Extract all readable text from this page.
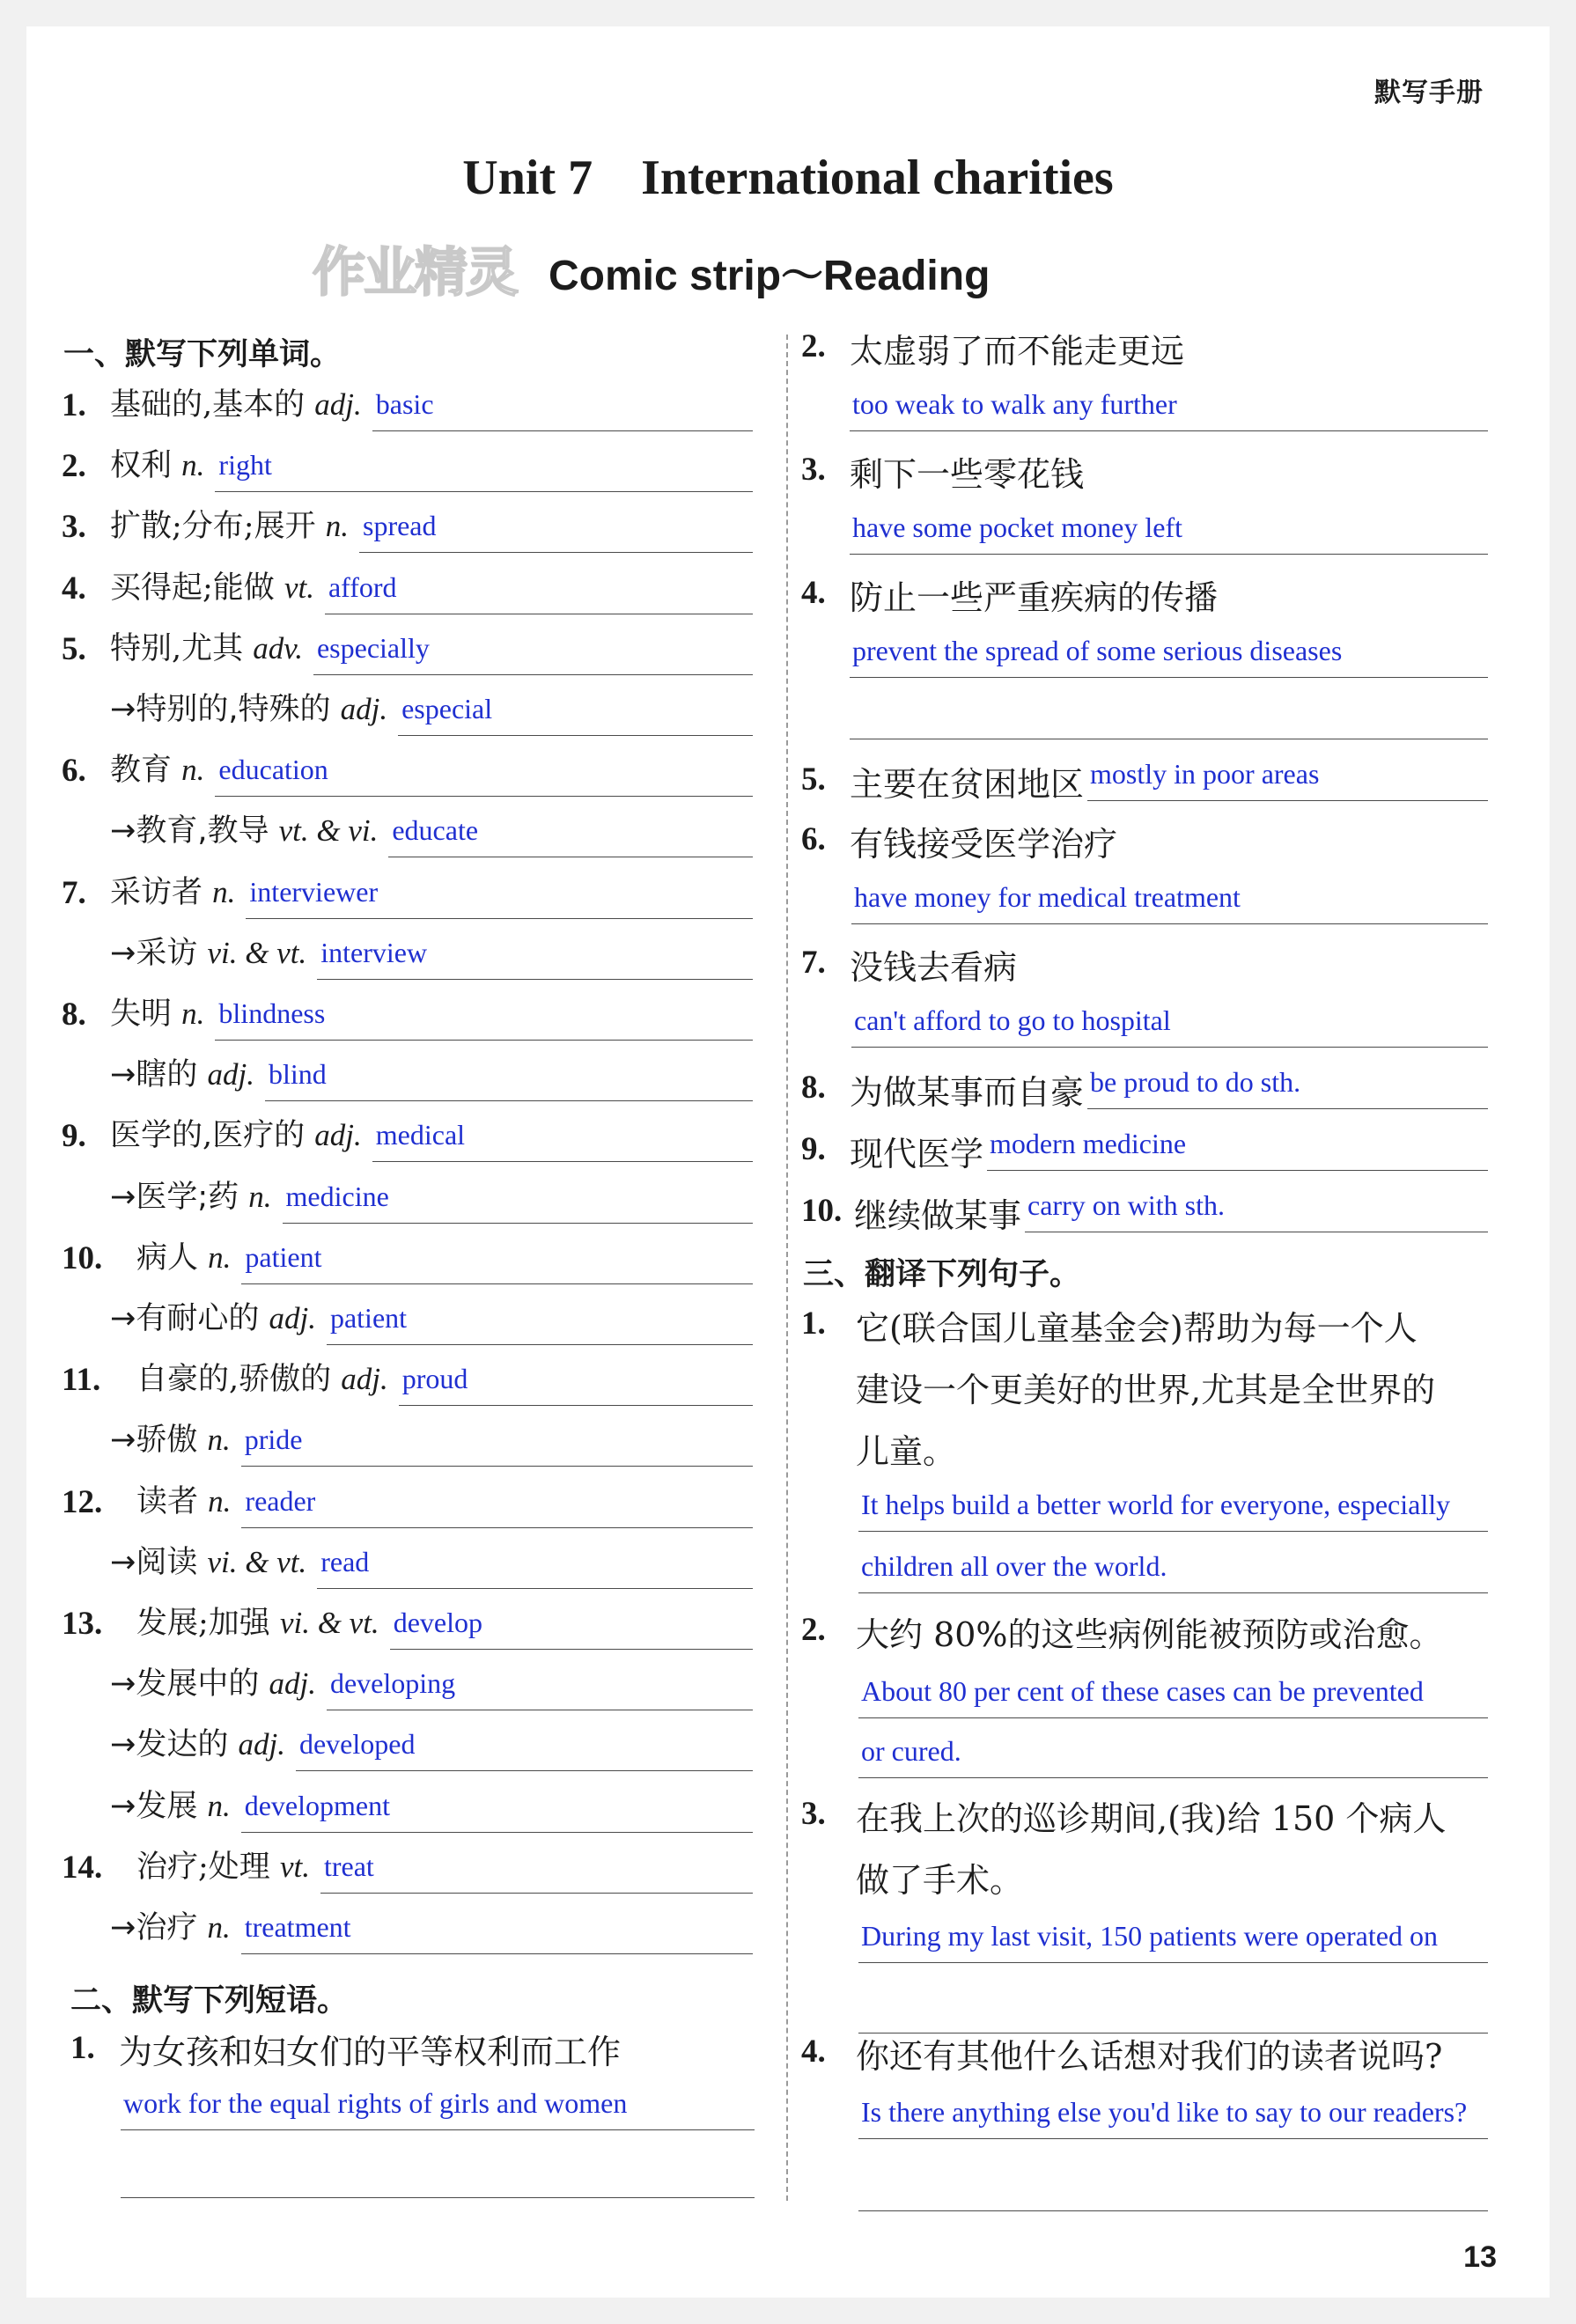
默写手册
Unit 7 International charities
作业精灵 Comic strip～Reading
一、默写下列单词。
1. 基础的,基本的 adj. basic
2. 权利 n. right
3. 扩散;分布;展开 n. spread
4. 买得起;能做 vt. afford
5. 特别,尤其 adv. especially
→特别的,特殊的 adj. especial
6. 教育 n. education
→教育,教导 vt. & vi. educate
7. 采访者 n. interviewer
→采访 vi. & vt. interview
8. 失明 n. blindness
→瞎的 adj. blind
9. 医学的,医疗的 adj. medical
→医学;药 n. medicine
10. 病人 n. patient
→有耐心的 adj. patient
11. 自豪的,骄傲的 adj. proud
→骄傲 n. pride
12. 读者 n. reader
→阅读 vi. & vt. read
13. 发展;加强 vi. & vt. develop
→发展中的 adj. developing
→发达的 adj. developed
→发展 n. development
14. 治疗;处理 vt. treat
→治疗 n. treatment
二、默写下列短语。
1. 为女孩和妇女们的平等权利而工作
work for the equal rights of girls and women
2. 太虚弱了而不能走更远
too weak to walk any further
3. 剩下一些零花钱
have some pocket money left
4. 防止一些严重疾病的传播
prevent the spread of some serious diseases
5. 主要在贫困地区 mostly in poor areas
6. 有钱接受医学治疗
have money for medical treatment
7. 没钱去看病
can't afford to go to hospital
8. 为做某事而自豪 be proud to do sth.
9. 现代医学 modern medicine
10. 继续做某事 carry on with sth.
三、翻译下列句子。
1. 它(联合国儿童基金会)帮助为每一个人
建设一个更美好的世界,尤其是全世界的
儿童。
It helps build a better world for everyone, especially
children all over the world.
2. 大约 80%的这些病例能被预防或治愈。
About 80 per cent of these cases can be prevented
or cured.
3. 在我上次的巡诊期间,(我)给 150 个病人
做了手术。
During my last visit, 150 patients were operated on
4. 你还有其他什么话想对我们的读者说吗?
Is there anything else you'd like to say to our readers?
13
